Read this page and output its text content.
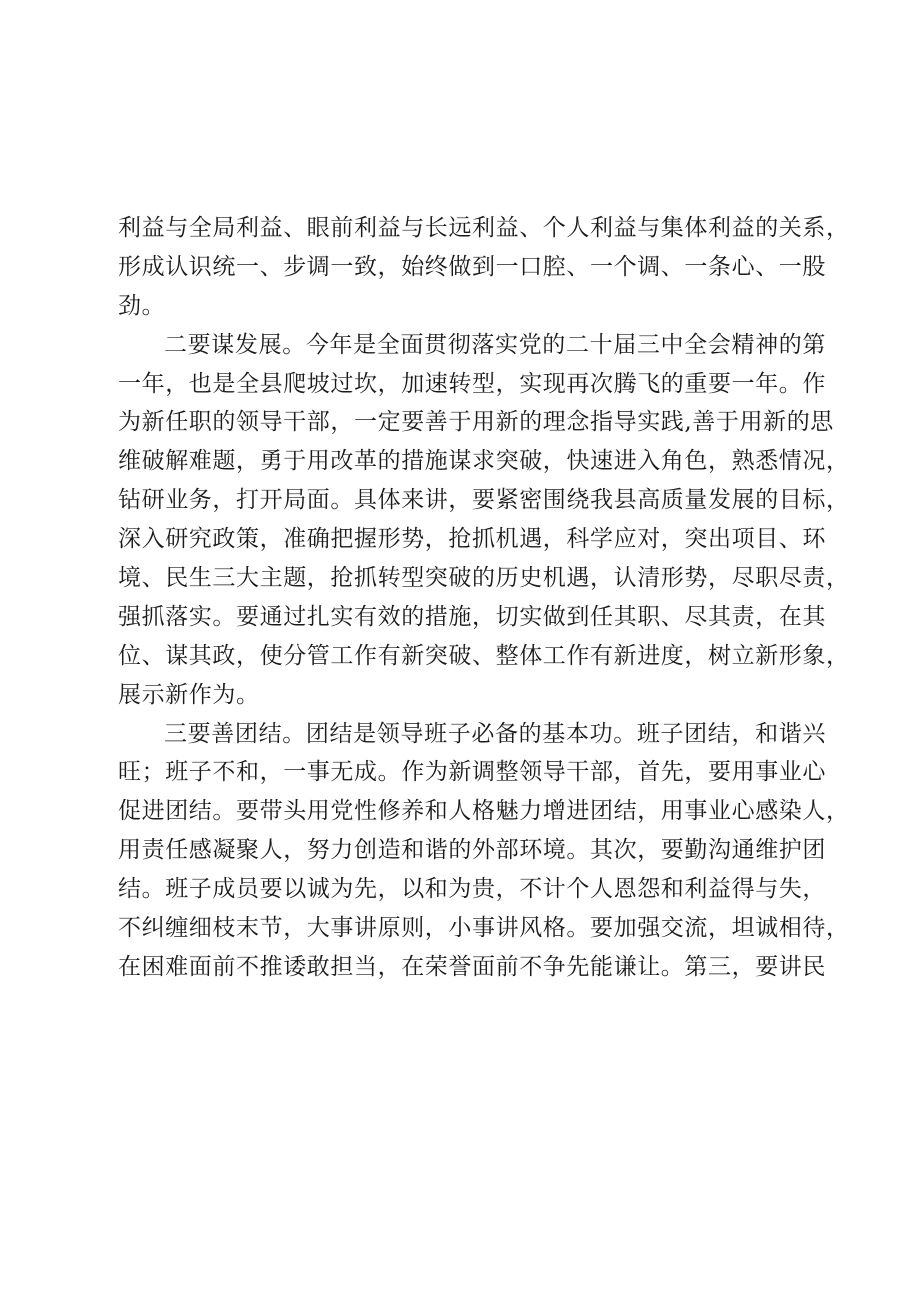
利益与全局利益、眼前利益与长远利益、个人利益与集体利益的关系，
形成认识统一、步调一致，始终做到一口腔、一个调、一条心、一股
劲。
二要谋发展。今年是全面贯彻落实党的二十届三中全会精神的第
一年，也是全县爬坡过坎，加速转型，实现再次腾飞的重要一年。作
为新任职的领导干部，一定要善于用新的理念指导实践,善于用新的思
维破解难题，勇于用改革的措施谋求突破，快速进入角色，熟悉情况，
钻研业务，打开局面。具体来讲，要紧密围绕我县高质量发展的目标，
深入研究政策，准确把握形势，抢抓机遇，科学应对，突出项目、环
境、民生三大主题，抢抓转型突破的历史机遇，认清形势，尽职尽责，
强抓落实。要通过扎实有效的措施，切实做到任其职、尽其责，在其
位、谋其政，使分管工作有新突破、整体工作有新进度，树立新形象，
展示新作为。
三要善团结。团结是领导班子必备的基本功。班子团结，和谐兴
旺；班子不和，一事无成。作为新调整领导干部，首先，要用事业心
促进团结。要带头用党性修养和人格魅力增进团结，用事业心感染人，
用责任感凝聚人，努力创造和谐的外部环境。其次，要勤沟通维护团
结。班子成员要以诚为先，以和为贵，不计个人恩怨和利益得与失，
不纠缠细枝末节，大事讲原则，小事讲风格。要加强交流，坦诚相待，
在困难面前不推诿敢担当，在荣誉面前不争先能谦让。第三，要讲民
